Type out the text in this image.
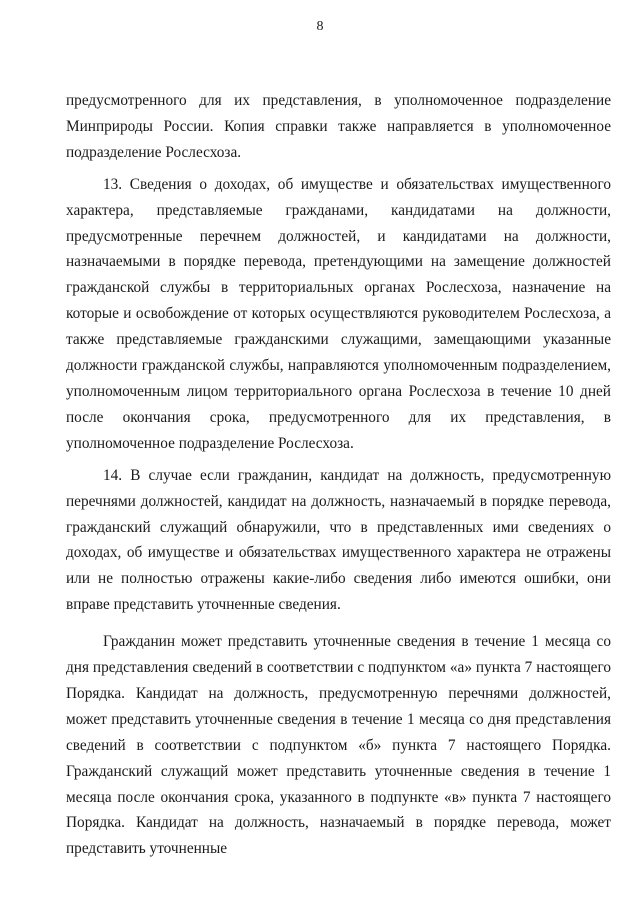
8

предусмотренного для их представления, в уполномоченное подразделение Минприроды России. Копия справки также направляется в уполномоченное подразделение Рослесхоза.

13. Сведения о доходах, об имуществе и обязательствах имущественного характера, представляемые гражданами, кандидатами на должности, предусмотренные перечнем должностей, и кандидатами на должности, назначаемыми в порядке перевода, претендующими на замещение должностей гражданской службы в территориальных органах Рослесхоза, назначение на которые и освобождение от которых осуществляются руководителем Рослесхоза, а также представляемые гражданскими служащими, замещающими указанные должности гражданской службы, направляются уполномоченным подразделением, уполномоченным лицом территориального органа Рослесхоза в течение 10 дней после окончания срока, предусмотренного для их представления, в уполномоченное подразделение Рослесхоза.

14. В случае если гражданин, кандидат на должность, предусмотренную перечнями должностей, кандидат на должность, назначаемый в порядке перевода, гражданский служащий обнаружили, что в представленных ими сведениях о доходах, об имуществе и обязательствах имущественного характера не отражены или не полностью отражены какие-либо сведения либо имеются ошибки, они вправе представить уточненные сведения.

Гражданин может представить уточненные сведения в течение 1 месяца со дня представления сведений в соответствии с подпунктом «а» пункта 7 настоящего Порядка. Кандидат на должность, предусмотренную перечнями должностей, может представить уточненные сведения в течение 1 месяца со дня представления сведений в соответствии с подпунктом «б» пункта 7 настоящего Порядка. Гражданский служащий может представить уточненные сведения в течение 1 месяца после окончания срока, указанного в подпункте «в» пункта 7 настоящего Порядка. Кандидат на должность, назначаемый в порядке перевода, может представить уточненные
